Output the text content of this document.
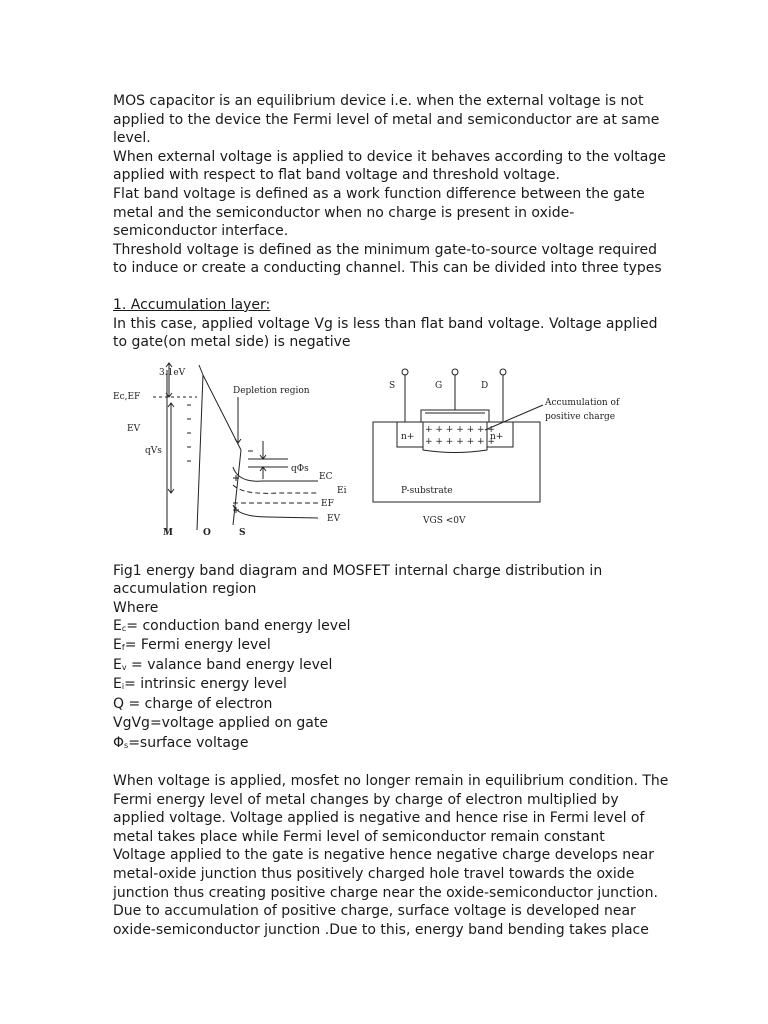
MOS capacitor is an equilibrium device i.e. when the external voltage is not applied to the device the Fermi level of metal and semiconductor are at same level.

When external voltage is applied to device it behaves according to the voltage applied with respect to flat band voltage and threshold voltage.

Flat band voltage is defined as a work function difference between the gate metal and the semiconductor when no charge is present in oxide-semiconductor interface.

Threshold voltage is defined as the minimum gate-to-source voltage required to induce or create a conducting channel. This can be divided into three types

1. Accumulation layer:

In this case, applied voltage Vg is less than flat band voltage. Voltage applied to gate(on metal side) is negative

3.1eV
Ec,EF
EV
qVs
Depletion region
qΦs
EC
Ei
EF
EV
M	O	S
S	G	D
Accumulation of
positive charge
n+	n+
+ + + + + + +
+ + + + + + +
P-substrate
VGS <0V

Fig1 energy band diagram and MOSFET internal charge distribution in accumulation region

Where

Ec= conduction band energy level
Ef= Fermi energy level
Ev = valance band energy level
Ei= intrinsic energy level
Q = charge of electron
VgVg=voltage applied on gate
Φs=surface voltage

When voltage is applied, mosfet no longer remain in equilibrium condition. The Fermi energy level of metal changes by charge of electron multiplied by applied voltage. Voltage applied is negative and hence rise in Fermi level of metal takes place while Fermi level of semiconductor remain constant

Voltage applied to the gate is negative hence negative charge develops near metal-oxide junction thus positively charged hole travel towards the oxide junction thus creating positive charge near the oxide-semiconductor junction.

Due to accumulation of positive charge, surface voltage is developed near oxide-semiconductor junction .Due to this, energy band bending takes place
